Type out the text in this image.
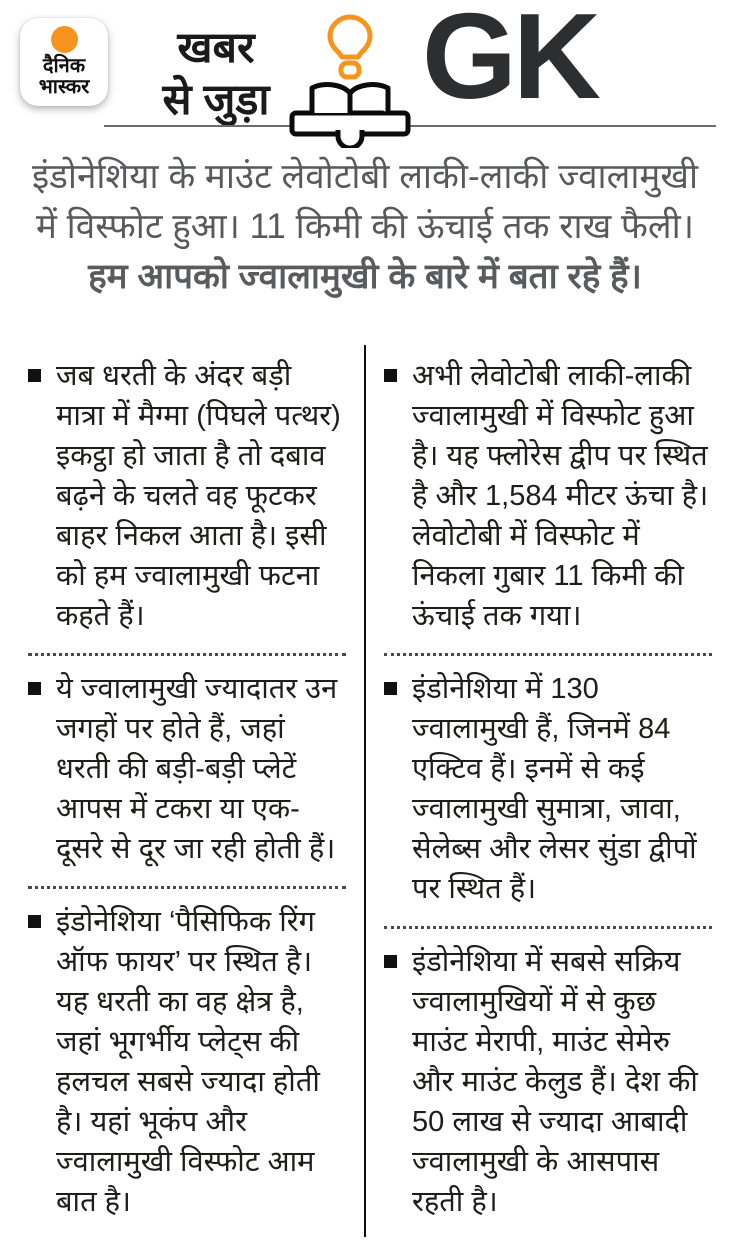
दैनिक
भास्कर
खबर
से जुड़ा	GK
इंडोनेशिया के माउंट लेवोटोबी लाकी-लाकी ज्वालामुखी
में विस्फोट हुआ। 11 किमी की ऊंचाई तक राख फैली।
हम आपको ज्वालामुखी के बारे में बता रहे हैं।
जब धरती के अंदर बड़ी मात्रा में मैग्मा (पिघले पत्थर) इकट्ठा हो जाता है तो दबाव बढ़ने के चलते वह फूटकर बाहर निकल आता है। इसी को हम ज्वालामुखी फटना कहते हैं।
ये ज्वालामुखी ज्यादातर उन जगहों पर होते हैं, जहां धरती की बड़ी-बड़ी प्लेटें आपस में टकरा या एक-दूसरे से दूर जा रही होती हैं।
इंडोनेशिया ‘पैसिफिक रिंग ऑफ फायर’ पर स्थित है। यह धरती का वह क्षेत्र है, जहां भूगर्भीय प्लेट्स की हलचल सबसे ज्यादा होती है। यहां भूकंप और ज्वालामुखी विस्फोट आम बात है।
अभी लेवोटोबी लाकी-लाकी ज्वालामुखी में विस्फोट हुआ है। यह फ्लोरेस द्वीप पर स्थित है और 1,584 मीटर ऊंचा है। लेवोटोबी में विस्फोट में निकला गुबार 11 किमी की ऊंचाई तक गया।
इंडोनेशिया में 130 ज्वालामुखी हैं, जिनमें 84 एक्टिव हैं। इनमें से कई ज्वालामुखी सुमात्रा, जावा, सेलेब्स और लेसर सुंडा द्वीपों पर स्थित हैं।
इंडोनेशिया में सबसे सक्रिय ज्वालामुखियों में से कुछ माउंट मेरापी, माउंट सेमेरु और माउंट केलुड हैं। देश की 50 लाख से ज्यादा आबादी ज्वालामुखी के आसपास रहती है।
